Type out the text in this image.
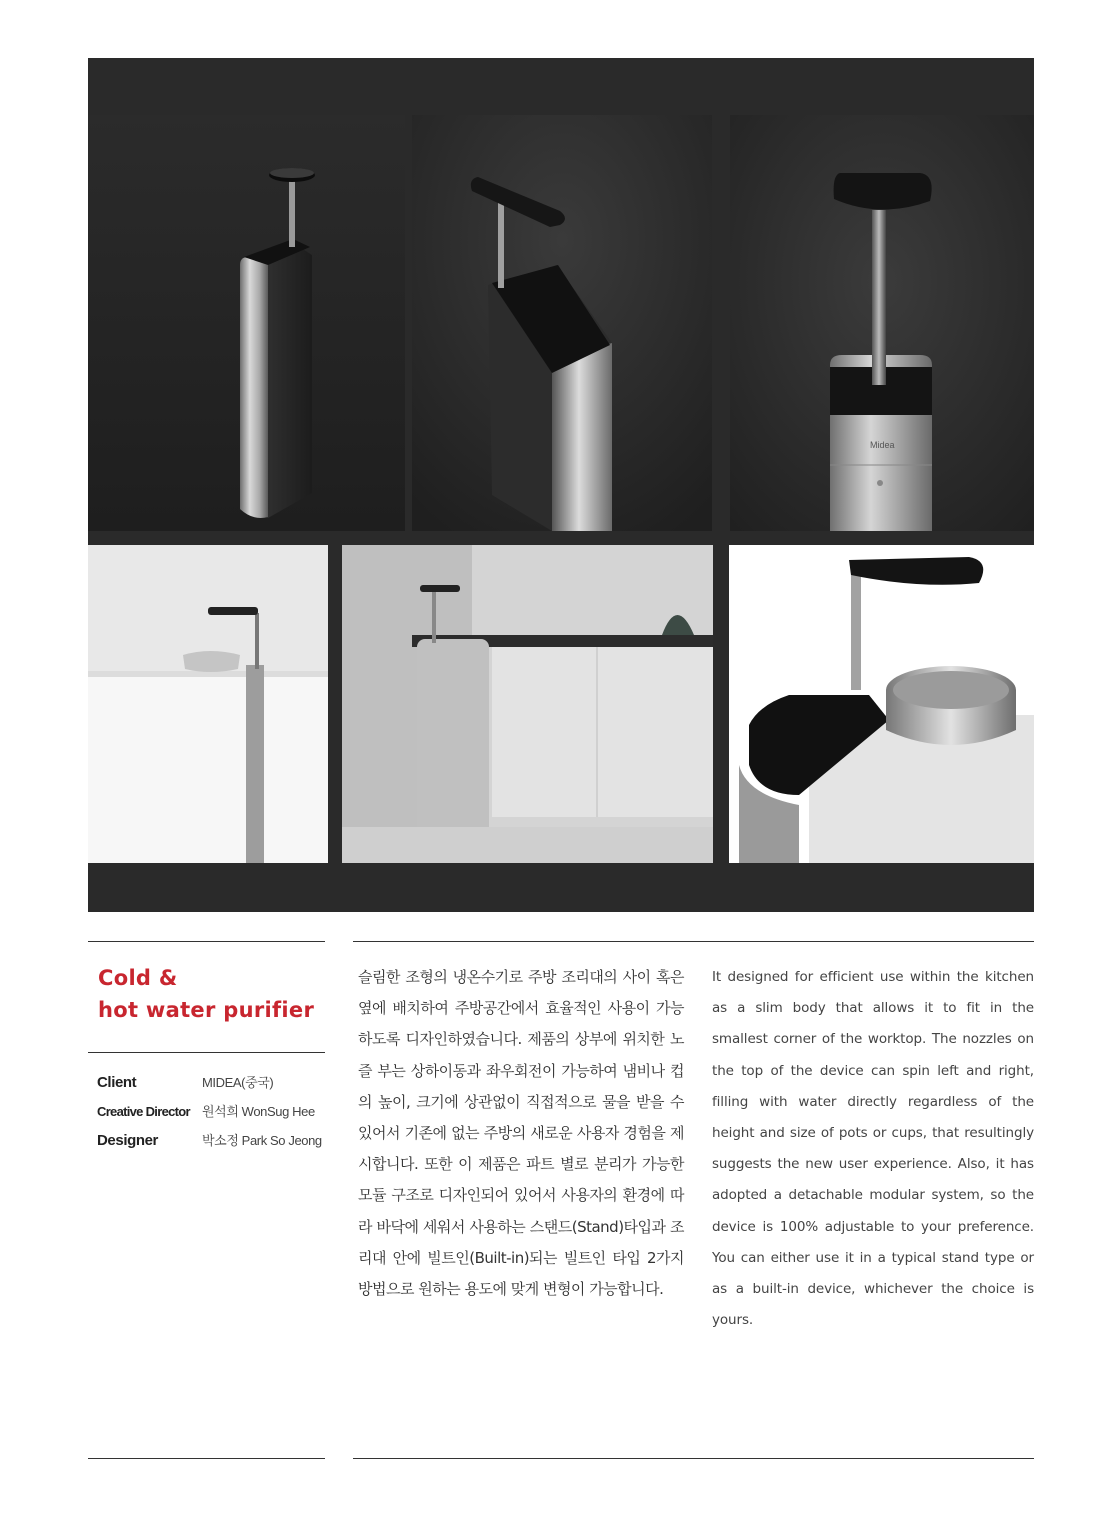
Midea
Cold &
hot water purifier
Client	MIDEA(중국)
Creative Director 원석희 WonSug Hee
Designer	박소정 Park So Jeong

슬림한 조형의 냉온수기로 주방 조리대의 사이 혹은 옆에 배치하여 주방공간에서 효율적인 사용이 가능하도록 디자인하였습니다. 제품의 상부에 위치한 노즐 부는 상하이동과 좌우회전이 가능하여 냄비나 컵의 높이, 크기에 상관없이 직접적으로 물을 받을 수 있어서 기존에 없는 주방의 새로운 사용자 경험을 제시합니다. 또한 이 제품은 파트 별로 분리가 가능한 모듈 구조로 디자인되어 있어서 사용자의 환경에 따라 바닥에 세워서 사용하는 스탠드(Stand)타입과 조리대 안에 빌트인(Built-in)되는 빌트인 타입 2가지 방법으로 원하는 용도에 맞게 변형이 가능합니다.

It designed for efficient use within the kitchen as a slim body that allows it to fit in the smallest corner of the worktop. The nozzles on the top of the device can spin left and right, filling with water directly regardless of the height and size of pots or cups, that resultingly suggests the new user experience. Also, it has adopted a detachable modular system, so the device is 100% adjustable to your preference. You can either use it in a typical stand type or as a built-in device, whichever the choice is yours.
